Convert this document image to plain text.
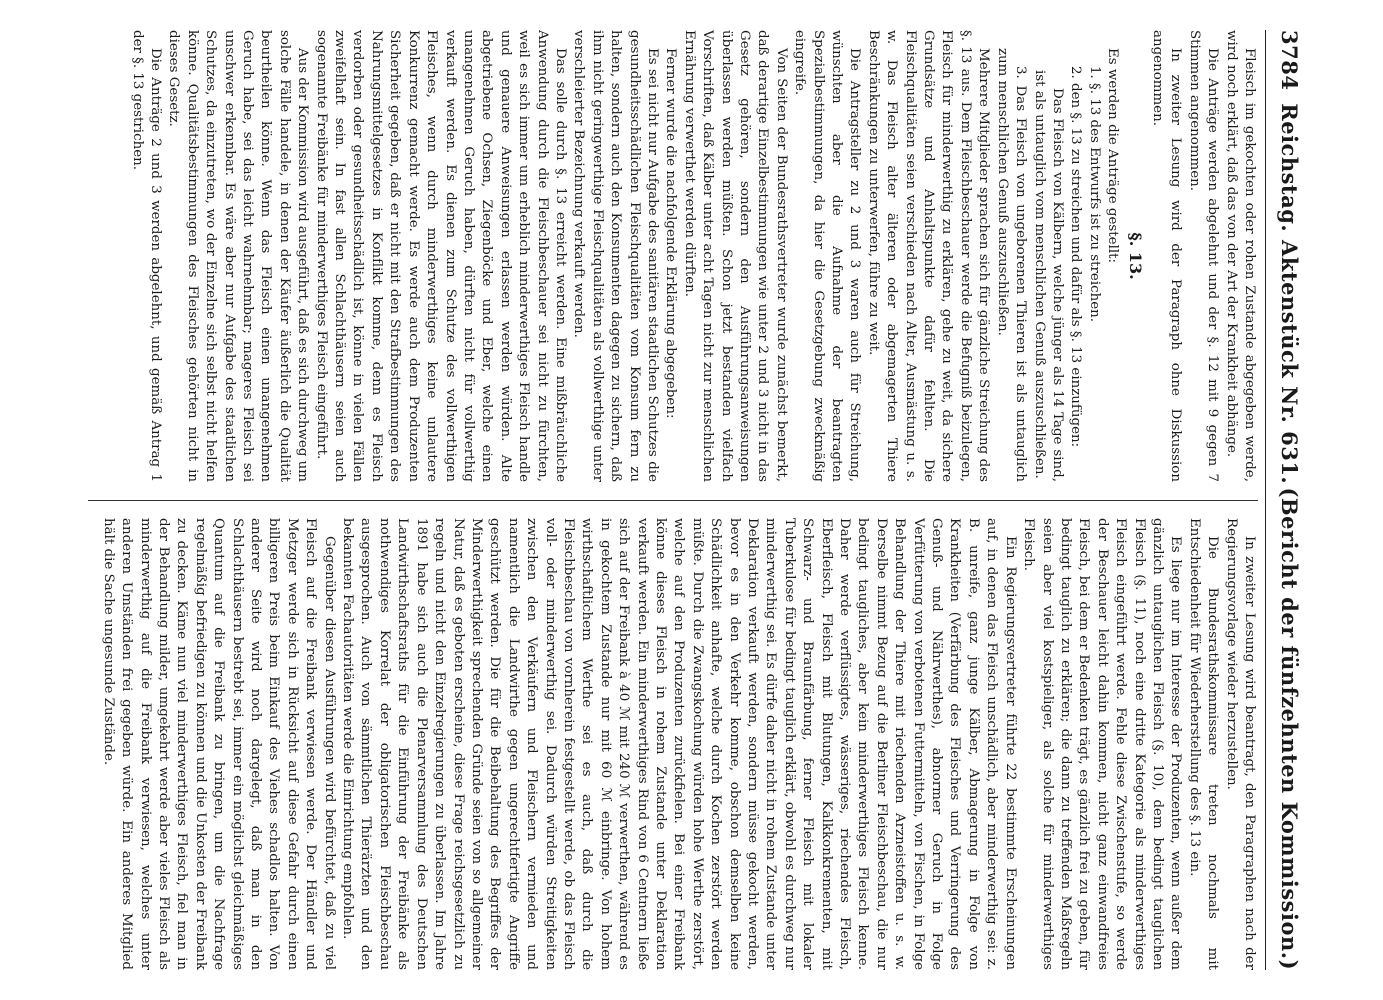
3784
Reichstag. Aktenstück Nr. 631.
(Bericht der fünfzehnten Kommission.)

Fleisch im gekochten oder rohen Zustande abgegeben werde, wird noch erklärt, daß das von der Art der Krankheit abhänge.

Die Anträge werden abgelehnt und der §. 12 mit 9 gegen 7 Stimmen angenommen.

In zweiter Lesung wird der Paragraph ohne Diskussion angenommen.

§. 13.

Es werden die Anträge gestellt:

1. §. 13 des Entwurfs ist zu streichen.

2. den §. 13 zu streichen und dafür als §. 13 einzufügen:

Das Fleisch von Kälbern, welche jünger als 14 Tage sind, ist als untauglich vom menschlichen Genuß auszuschließen.

3. Das Fleisch von ungeborenen Thieren ist als untauglich zum menschlichen Genuß auszuschließen.

Mehrere Mitglieder sprachen sich für gänzliche Streichung des §. 13 aus. Dem Fleischbeschauer werde die Befugniß beizulegen, Fleisch für minderwerthig zu erklären, gehe zu weit, da sichere Grundsätze und Anhaltspunkte dafür fehlten. Die Fleischqualitäten seien verschieden nach Alter, Ausmästung u. s. w. Das Fleisch alter älteren oder abgemagerten Thiere Beschränkungen zu unterwerfen, führe zu weit.

Die Antragsteller zu 2 und 3 waren auch für Streichung, wünschten aber die Aufnahme der beantragten Spezialbestimmungen, da hier die Gesetzgebung zweckmäßig eingreife.

Von Seiten der Bundesrathsvertreter wurde zunächst bemerkt, daß derartige Einzelbestimmungen wie unter 2 und 3 nicht in das Gesetz gehören, sondern den Ausführungsanweisungen überlassen werden müßten. Schon jetzt bestanden vielfach Vorschriften, daß Kälber unter acht Tagen nicht zur menschlichen Ernährung verwerthet werden dürften.

Ferner wurde die nachfolgende Erklärung abgegeben:

Es sei nicht nur Aufgabe des sanitären staatlichen Schutzes die gesundheitsschädlichen Fleischqualitäten vom Konsum fern zu halten, sondern auch den Konsumenten dagegen zu sichern, daß ihm nicht geringwerthige Fleischqualitäten als vollwerthige unter verschleierter Bezeichnung verkauft werden.

Das solle durch §. 13 erreicht werden. Eine mißbräuchliche Anwendung durch die Fleischbeschauer sei nicht zu fürchten, weil es sich immer um erheblich minderwerthiges Fleisch handle und genauere Anweisungen erlassen werden würden. Alte abgetriebene Ochsen, Ziegenböcke und Eber, welche einen unangenehmen Geruch haben, dürften nicht für vollwerthig verkauft werden. Es dienen zum Schutze des vollwerthigen Fleisches, wenn durch minderwerthiges keine unlautere Konkurrenz gemacht werde. Es werde auch dem Produzenten Sicherheit gegeben, daß er nicht mit den Strafbestimmungen des Nahrungsmittelgesetzes in Konflikt komme, denn es Fleisch verdorben oder gesundheitsschädlich ist, könne in vielen Fällen zweifelhaft sein. In fast allen Schlachthäusern seien auch sogenannte Freibänke für minderwerthiges Fleisch eingeführt.

Aus der Kommission wird ausgeführt, daß es sich durchweg um solche Fälle handele, in denen der Käufer äußerlich die Qualität beurtheilen könne. Wenn das Fleisch einen unangenehmen Geruch habe, sei das leicht wahrnehmbar; mageres Fleisch sei unschwer erkennbar. Es wäre aber nur Aufgabe des staatlichen Schutzes, da einzutreten, wo der Einzelne sich selbst nicht helfen könne. Qualitätsbestimmungen des Fleisches gehörten nicht in dieses Gesetz.

Die Anträge 2 und 3 werden abgelehnt, und gemäß Antrag 1 der §. 13 gestrichen.

In zweiter Lesung wird beantragt, den Paragraphen nach der Regierungsvorlage wieder herzustellen.

Die Bundesrathskommissare treten nochmals mit Entschiedenheit für Wiederherstellung des §. 13 ein.

Es liege nur im Interesse der Produzenten, wenn außer dem gänzlich untauglichen Fleisch (§. 10), dem bedingt tauglichen Fleisch (§. 11), noch eine dritte Kategorie als minderwerthiges Fleisch eingeführt werde. Fehle diese Zwischenstufe, so werde der Beschauer leicht dahin kommen, nicht ganz einwandfreies Fleisch, bei dem er Bedenken trägt, es gänzlich frei zu geben, für bedingt tauglich zu erklären; die dann zu treffenden Maßregeln seien aber viel kostspieliger, als solche für minderwerthiges Fleisch.

Ein Regierungsvertreter führte 22 bestimmte Erscheinungen auf, in denen das Fleisch unschädlich, aber minderwerthig sei: z. B. unreife, ganz junge Kälber, Abmagerung in Folge von Krankheiten (Verfärbung des Fleisches und Verringerung des Genuß- und Nährwerthes), abnormer Geruch in Folge Verfütterung von verbotenen Futtermitteln, von Fischen, in Folge Behandlung der Thiere mit riechenden Arzneistoffen u. s. w. Derselbe nimmt Bezug auf die Berliner Fleischbeschau, die nur bedingt taugliches, aber kein minderwerthiges Fleisch kenne. Daher werde verflüssigtes, wässeriges, riechendes Fleisch, Eberfleisch, Fleisch mit Blutungen, Kalkkonkrementen, mit Schwarz- und Braunfärbung, ferner Fleisch mit lokaler Tuberkulose für bedingt tauglich erklärt, obwohl es durchweg nur minderwerthig sei. Es dürfe daher nicht in rohem Zustande unter Deklaration verkauft werden, sondern müsse gekocht werden, bevor es in den Verkehr komme, obschon demselben keine Schädlichkeit anhafte, welche durch Kochen zerstört werden müßte. Durch die Zwangskochung würden hohe Werthe zerstört, welche auf den Produzenten zurückfielen. Bei einer Freibank könne dieses Fleisch in rohem Zustande unter Deklaration verkauft werden. Ein minderwerthiges Rind von 6 Centnern ließe sich auf der Freibank à 40 ℳ mit 240 ℳ verwerthen, während es in gekochtem Zustande nur mit 60 ℳ einbringe. Von hohem wirthschaftlichem Werthe sei es auch, daß durch die Fleischbeschau von vornherein festgestellt werde, ob das Fleisch voll- oder minderwerthig sei. Dadurch würden Streitigkeiten zwischen den Verkäufern und Fleischern vermieden und namentlich die Landwirthe gegen ungerechtfertigte Angriffe geschützt werden. Die für die Beibehaltung des Begriffes der Minderwerthigkeit sprechenden Gründe seien von so allgemeiner Natur, daß es geboten erscheine, diese Frage reichsgesetzlich zu regeln und nicht den Einzelregierungen zu überlassen. Im Jahre 1891 habe sich auch die Plenarversammlung des Deutschen Landwirthschaftsraths für die Einführung der Freibänke als nothwendiges Korrelat der obligatorischen Fleischbeschau ausgesprochen. Auch von sämmtlichen Thierärzten und den bekannten Fachautoritäten werde die Einrichtung empfohlen.

Gegenüber diesen Ausführungen wird befürchtet, daß zu viel Fleisch auf die Freibank verwiesen werde. Der Händler und Metzger werde sich in Rücksicht auf diese Gefahr durch einen billigeren Preis beim Einkauf des Viehes schadlos halten. Von anderer Seite wird noch dargelegt, daß man in den Schlachthäusern bestrebt sei, immer ein möglichst gleichmäßiges Quantum auf die Freibank zu bringen, um die Nachfrage regelmäßig befriedigen zu können und die Unkosten der Freibank zu decken. Käme nun viel minderwerthiges Fleisch, fiel man in der Behandlung milder, umgekehrt werde aber vieles Fleisch als minderwerthig auf die Freibank verwiesen, welches unter anderen Umständen frei gegeben würde. Ein anderes Mitglied hält die Sache ungesunde Zustände.
